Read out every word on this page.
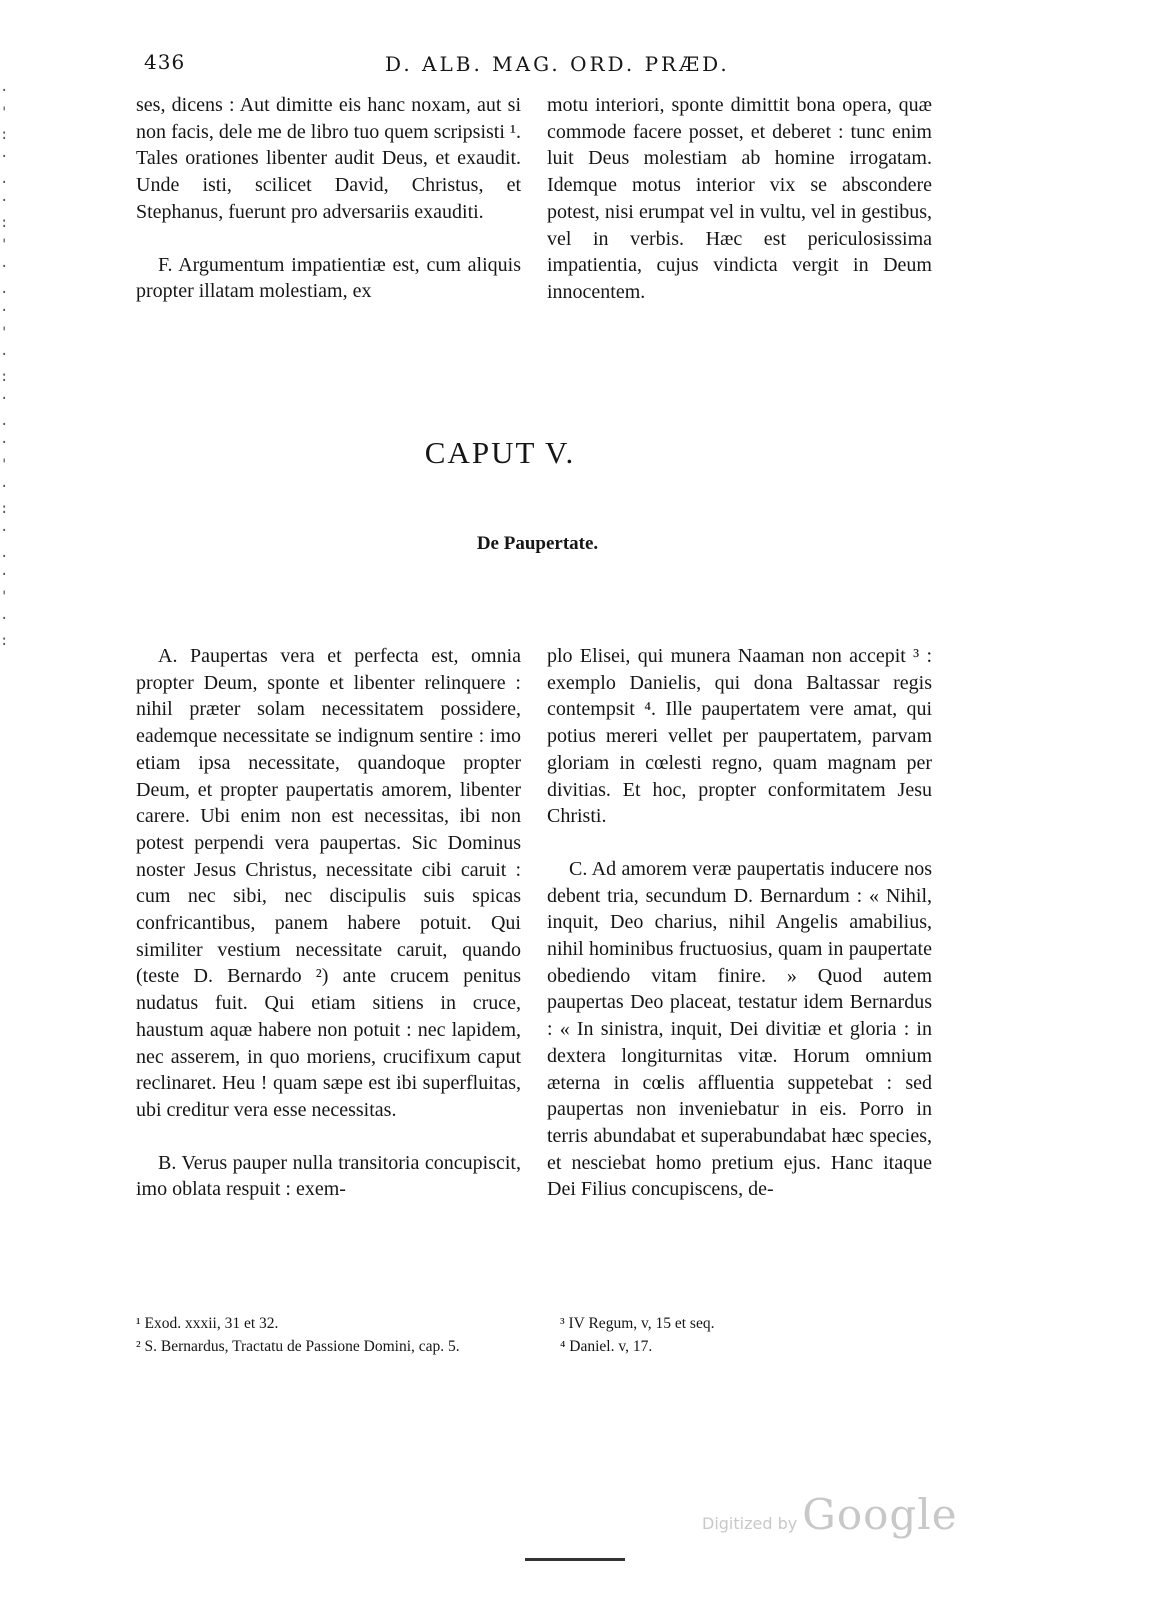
·
'
:
·
.
·
:
'
·
.
·
'
·
:
·
.
·
'
·
:
·
.
·
'
·
:
436	D. ALB. MAG. ORD. PRÆD.

ses, dicens : Aut dimitte eis hanc noxam, aut si non facis, dele me de libro tuo quem scripsisti ¹. Tales orationes libenter audit Deus, et exaudit. Unde isti, scilicet David, Christus, et Stephanus, fuerunt pro adversariis exauditi.

F. Argumentum impatientiæ est, cum aliquis propter illatam molestiam, ex

motu interiori, sponte dimittit bona opera, quæ commode facere posset, et deberet : tunc enim luit Deus molestiam ab homine irrogatam. Idemque motus interior vix se abscondere potest, nisi erumpat vel in vultu, vel in gestibus, vel in verbis. Hæc est periculosissima impatientia, cujus vindicta vergit in Deum innocentem.

CAPUT V.
De Paupertate.

A. Paupertas vera et perfecta est, omnia propter Deum, sponte et libenter relinquere : nihil præter solam necessitatem possidere, eademque necessitate se indignum sentire : imo etiam ipsa necessitate, quandoque propter Deum, et propter paupertatis amorem, libenter carere. Ubi enim non est necessitas, ibi non potest perpendi vera paupertas. Sic Dominus noster Jesus Christus, necessitate cibi caruit : cum nec sibi, nec discipulis suis spicas confricantibus, panem habere potuit. Qui similiter vestium necessitate caruit, quando (teste D. Bernardo ²) ante crucem penitus nudatus fuit. Qui etiam sitiens in cruce, haustum aquæ habere non potuit : nec lapidem, nec asserem, in quo moriens, crucifixum caput reclinaret. Heu ! quam sæpe est ibi superfluitas, ubi creditur vera esse necessitas.

B. Verus pauper nulla transitoria concupiscit, imo oblata respuit : exem-

plo Elisei, qui munera Naaman non accepit ³ : exemplo Danielis, qui dona Baltassar regis contempsit ⁴. Ille paupertatem vere amat, qui potius mereri vellet per paupertatem, parvam gloriam in cœlesti regno, quam magnam per divitias. Et hoc, propter conformitatem Jesu Christi.

C. Ad amorem veræ paupertatis inducere nos debent tria, secundum D. Bernardum : « Nihil, inquit, Deo charius, nihil Angelis amabilius, nihil hominibus fructuosius, quam in paupertate obediendo vitam finire. » Quod autem paupertas Deo placeat, testatur idem Bernardus : « In sinistra, inquit, Dei divitiæ et gloria : in dextera longiturnitas vitæ. Horum omnium æterna in cœlis affluentia suppetebat : sed paupertas non inveniebatur in eis. Porro in terris abundabat et superabundabat hæc species, et nesciebat homo pretium ejus. Hanc itaque Dei Filius concupiscens, de-

¹ Exod. xxxii, 31 et 32.
² S. Bernardus, Tractatu de Passione Domini, cap. 5.
³ IV Regum, v, 15 et seq.
⁴ Daniel. v, 17.
Digitized by Google
